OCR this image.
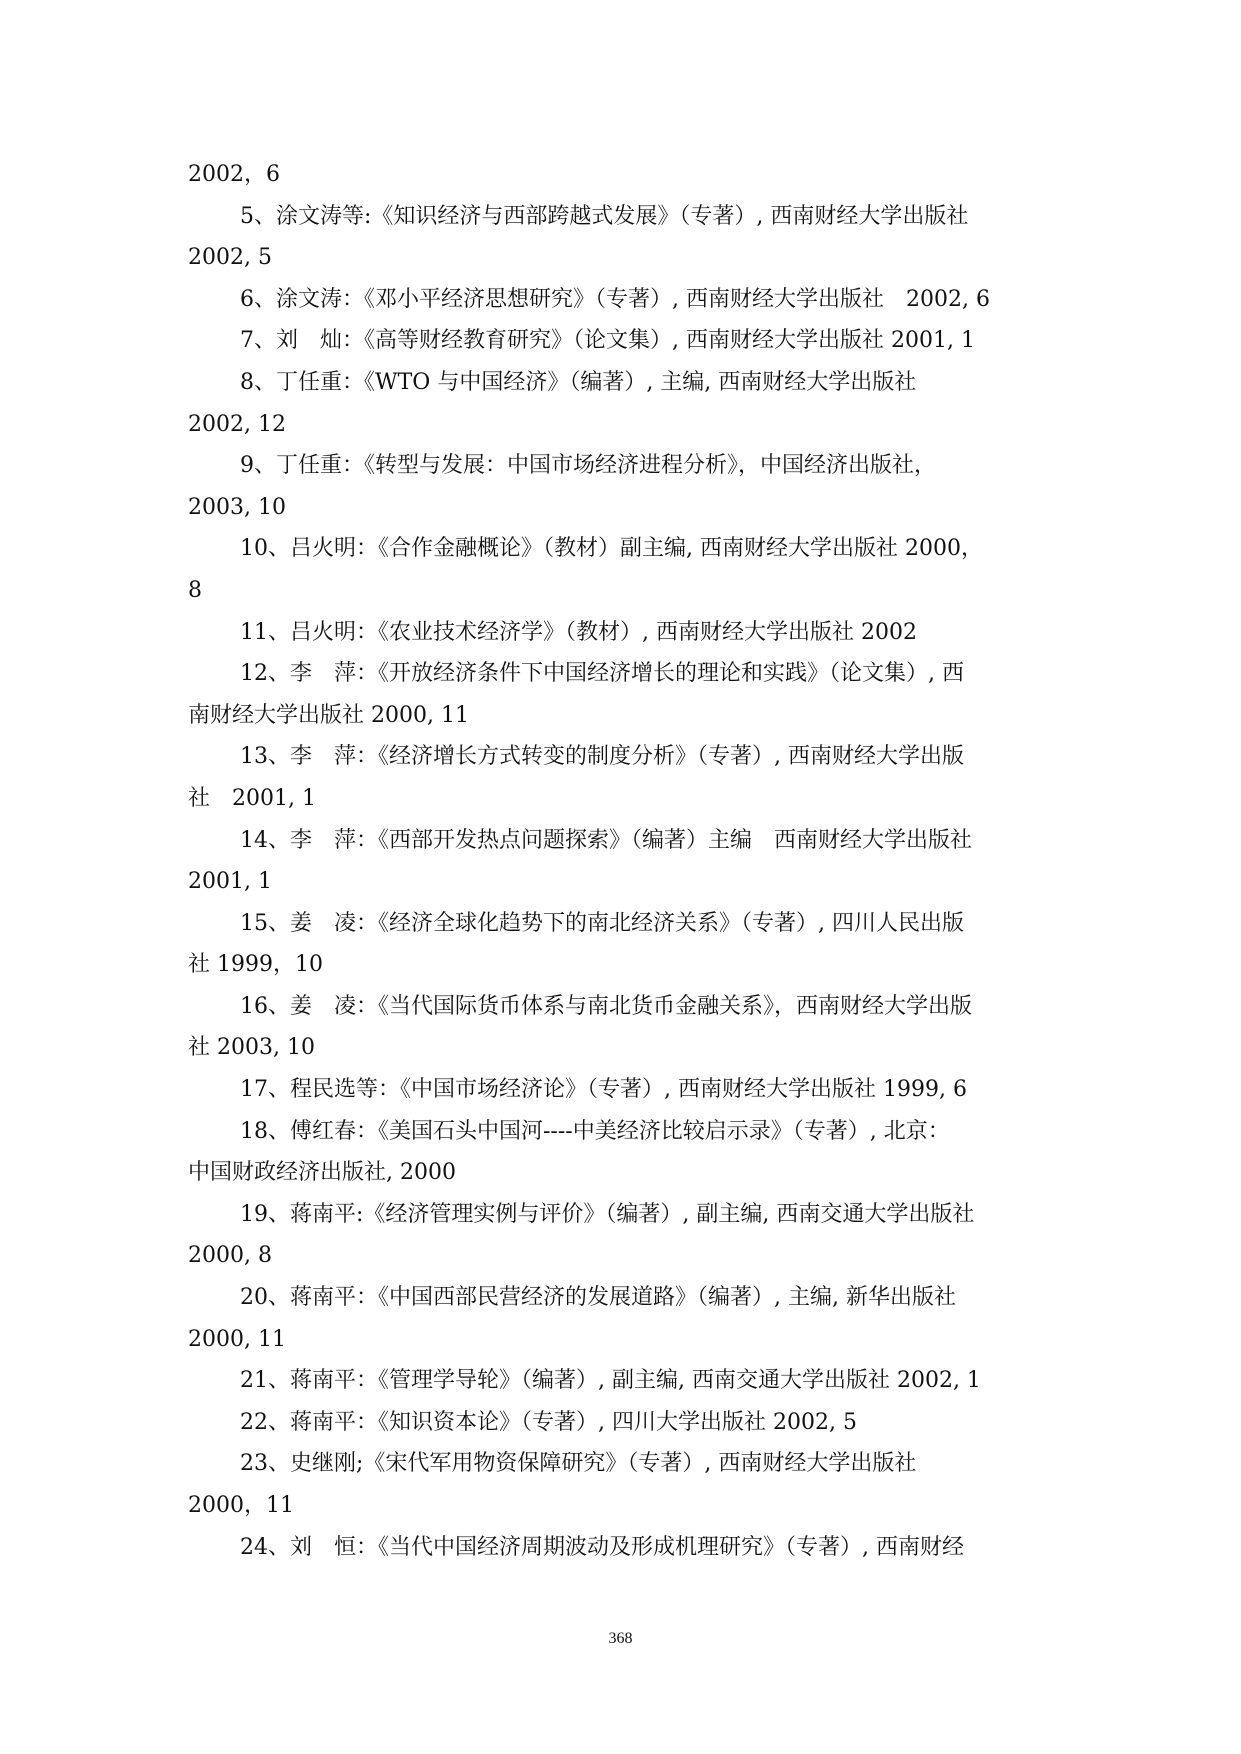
2002，6

5、涂文涛等:《知识经济与西部跨越式发展》（专著）, 西南财经大学出版社

2002, 5

6、涂文涛：《邓小平经济思想研究》（专著）, 西南财经大学出版社　2002, 6

7、刘　灿：《高等财经教育研究》（论文集）, 西南财经大学出版社 2001, 1

8、丁任重：《WTO 与中国经济》（编著）, 主编, 西南财经大学出版社

2002, 12

9、丁任重：《转型与发展：中国市场经济进程分析》，中国经济出版社，

2003, 10

10、吕火明：《合作金融概论》（教材）副主编, 西南财经大学出版社 2000，

8

11、吕火明：《农业技术经济学》（教材）, 西南财经大学出版社 2002

12、李　萍：《开放经济条件下中国经济增长的理论和实践》（论文集）, 西

南财经大学出版社 2000, 11

13、李　萍：《经济增长方式转变的制度分析》（专著）, 西南财经大学出版

社　2001, 1

14、李　萍：《西部开发热点问题探索》（编著）主编　西南财经大学出版社

2001, 1

15、姜　凌：《经济全球化趋势下的南北经济关系》（专著）, 四川人民出版

社 1999，10

16、姜　凌：《当代国际货币体系与南北货币金融关系》，西南财经大学出版

社 2003, 10

17、程民选等：《中国市场经济论》（专著）, 西南财经大学出版社 1999, 6

18、傅红春：《美国石头中国河----中美经济比较启示录》（专著）, 北京：

中国财政经济出版社, 2000

19、蒋南平:《经济管理实例与评价》（编著）, 副主编, 西南交通大学出版社

2000, 8

20、蒋南平：《中国西部民营经济的发展道路》（编著）, 主编, 新华出版社

2000, 11

21、蒋南平：《管理学导轮》（编著）, 副主编, 西南交通大学出版社 2002, 1

22、蒋南平：《知识资本论》（专著）, 四川大学出版社 2002, 5

23、史继刚;《宋代军用物资保障研究》（专著）, 西南财经大学出版社

2000，11

24、刘　恒：《当代中国经济周期波动及形成机理研究》（专著）, 西南财经

368
